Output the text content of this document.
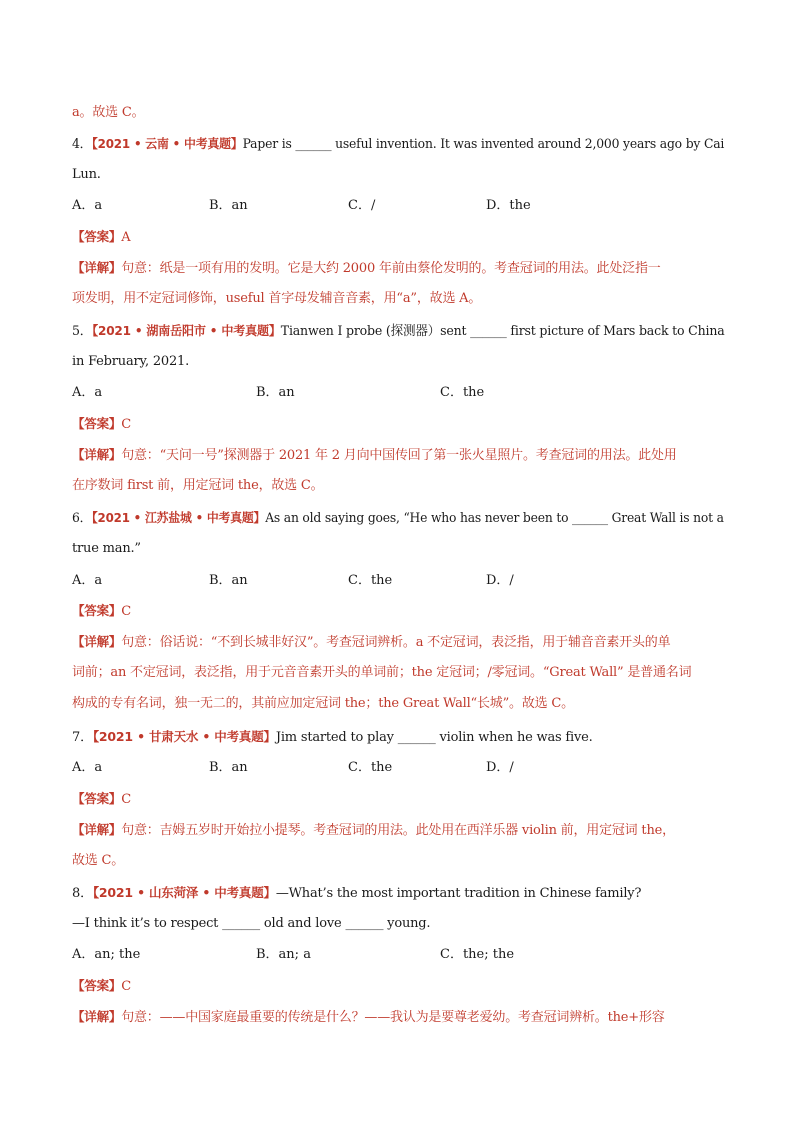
a。故选 C。
4．【2021 • 云南 • 中考真题】Paper is ______ useful invention. It was invented around 2,000 years ago by Cai
Lun.
A．a	B．an	C．/	D．the
【答案】A
【详解】句意：纸是一项有用的发明。它是大约 2000 年前由蔡伦发明的。考查冠词的用法。此处泛指一
项发明，用不定冠词修饰，useful 首字母发辅音音素，用“a”，故选 A。
5．【2021 • 湖南岳阳市 • 中考真题】Tianwen I probe (探测器）sent ______ first picture of Mars back to China
in February, 2021.
A．a	B．an	C．the
【答案】C
【详解】句意：“天问一号”探测器于 2021 年 2 月向中国传回了第一张火星照片。考查冠词的用法。此处用
在序数词 first 前，用定冠词 the，故选 C。
6．【2021 • 江苏盐城 • 中考真题】As an old saying goes, “He who has never been to ______ Great Wall is not a
true man.”
A．a	B．an	C．the	D．/
【答案】C
【详解】句意：俗话说：“不到长城非好汉”。考查冠词辨析。a 不定冠词，表泛指，用于辅音音素开头的单
词前；an 不定冠词，表泛指，用于元音音素开头的单词前；the 定冠词；/零冠词。“Great Wall” 是普通名词
构成的专有名词，独一无二的，其前应加定冠词 the；the Great Wall“长城”。故选 C。
7．【2021 • 甘肃天水 • 中考真题】Jim started to play ______ violin when he was five.
A．a	B．an	C．the	D．/
【答案】C
【详解】句意：吉姆五岁时开始拉小提琴。考查冠词的用法。此处用在西洋乐器 violin 前，用定冠词 the，
故选 C。
8．【2021 • 山东菏泽 • 中考真题】—What’s the most important tradition in Chinese family?
—I think it’s to respect ______ old and love ______ young.
A．an; the	B．an; a	C．the; the
【答案】C
【详解】句意：——中国家庭最重要的传统是什么？——我认为是要尊老爱幼。考查冠词辨析。the+形容
